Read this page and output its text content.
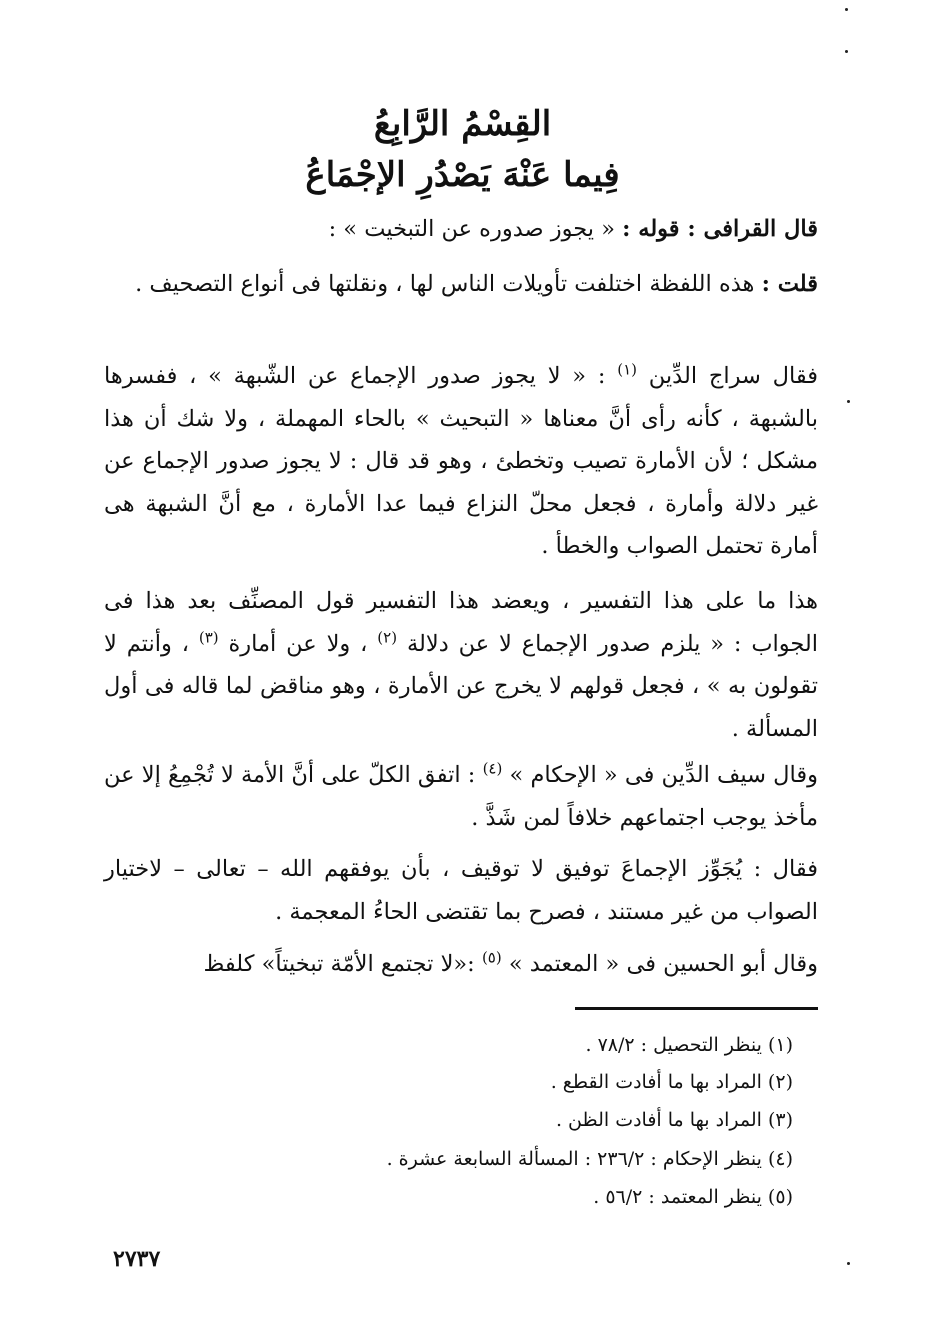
القِسْمُ الرَّابِعُ
فِيما عَنْهَ يَصْدُرِ الإجْمَاعُ

قال القرافى : قوله : « يجوز صدوره عن التبخيت » :

قلت : هذه اللفظة اختلفت تأويلات الناس لها ، ونقلتها فى أنواع التصحيف .

فقال سراج الدِّين $^{(١)}$ : « لا يجوز صدور الإجماع عن الشّبهة » ، ففسرها بالشبهة ، كأنه رأى أنَّ معناها « التبحيث » بالحاء المهملة ، ولا شك أن هذا مشكل ؛ لأن الأمارة تصيب وتخطئ ، وهو قد قال : لا يجوز صدور الإجماع عن غير دلالة وأمارة ، فجعل محلّ النزاع فيما عدا الأمارة ، مع أنَّ الشبهة هى أمارة تحتمل الصواب والخطأ .

هذا ما على هذا التفسير ، ويعضد هذا التفسير قول المصنِّف بعد هذا فى الجواب : « يلزم صدور الإجماع لا عن دلالة $^{(٢)}$ ، ولا عن أمارة $^{(٣)}$ ، وأنتم لا تقولون به » ، فجعل قولهم لا يخرج عن الأمارة ، وهو مناقض لما قاله فى أول المسألة .

وقال سيف الدِّين فى « الإحكام » $^{(٤)}$ : اتفق الكلّ على أنَّ الأمة لا تُجْمِعُ إلا عن مأخذ يوجب اجتماعهم خلافاً لمن شَذَّ .

فقال : يُجَوِّز الإجماعَ توفيق لا توقيف ، بأن يوفقهم الله – تعالى – لاختيار الصواب من غير مستند ، فصرح بما تقتضى الحاءُ المعجمة .

وقال أبو الحسين فى « المعتمد » $^{(٥)}$ :«لا تجتمع الأمّة تبخيتاً» كلفظ

(١) ينظر التحصيل : ٧٨/٢ .
(٢) المراد بها ما أفادت القطع .
(٣) المراد بها ما أفادت الظن .
(٤) ينظر الإحكام : ٢٣٦/٢ : المسألة السابعة عشرة .
(٥) ينظر المعتمد : ٥٦/٢ .
٢٧٣٧
